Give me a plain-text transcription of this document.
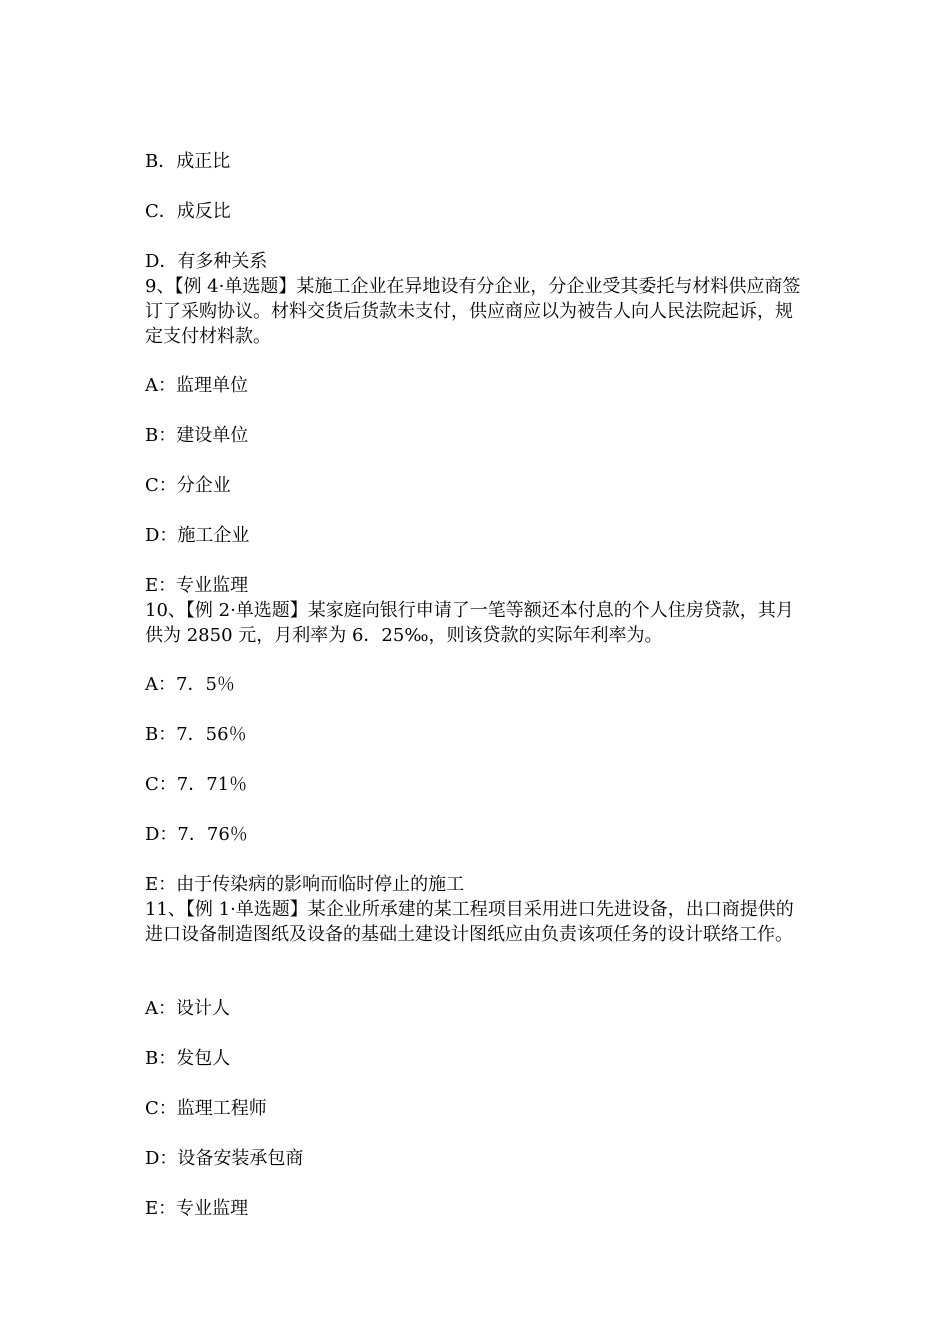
B．成正比
C．成反比
D．有多种关系
9、【例 4·单选题】某施工企业在异地设有分企业，分企业受其委托与材料供应商签订了采购协议。材料交货后货款未支付，供应商应以为被告人向人民法院起诉，规定支付材料款。
A：监理单位
B：建设单位
C：分企业
D：施工企业
E：专业监理
10、【例 2·单选题】某家庭向银行申请了一笔等额还本付息的个人住房贷款，其月供为 2850 元，月利率为 6．25‰，则该贷款的实际年利率为。
A：7．5％
B：7．56％
C：7．71％
D：7．76％
E：由于传染病的影响而临时停止的施工
11、【例 1·单选题】某企业所承建的某工程项目采用进口先进设备，出口商提供的进口设备制造图纸及设备的基础土建设计图纸应由负责该项任务的设计联络工作。
A：设计人
B：发包人
C：监理工程师
D：设备安装承包商
E：专业监理
